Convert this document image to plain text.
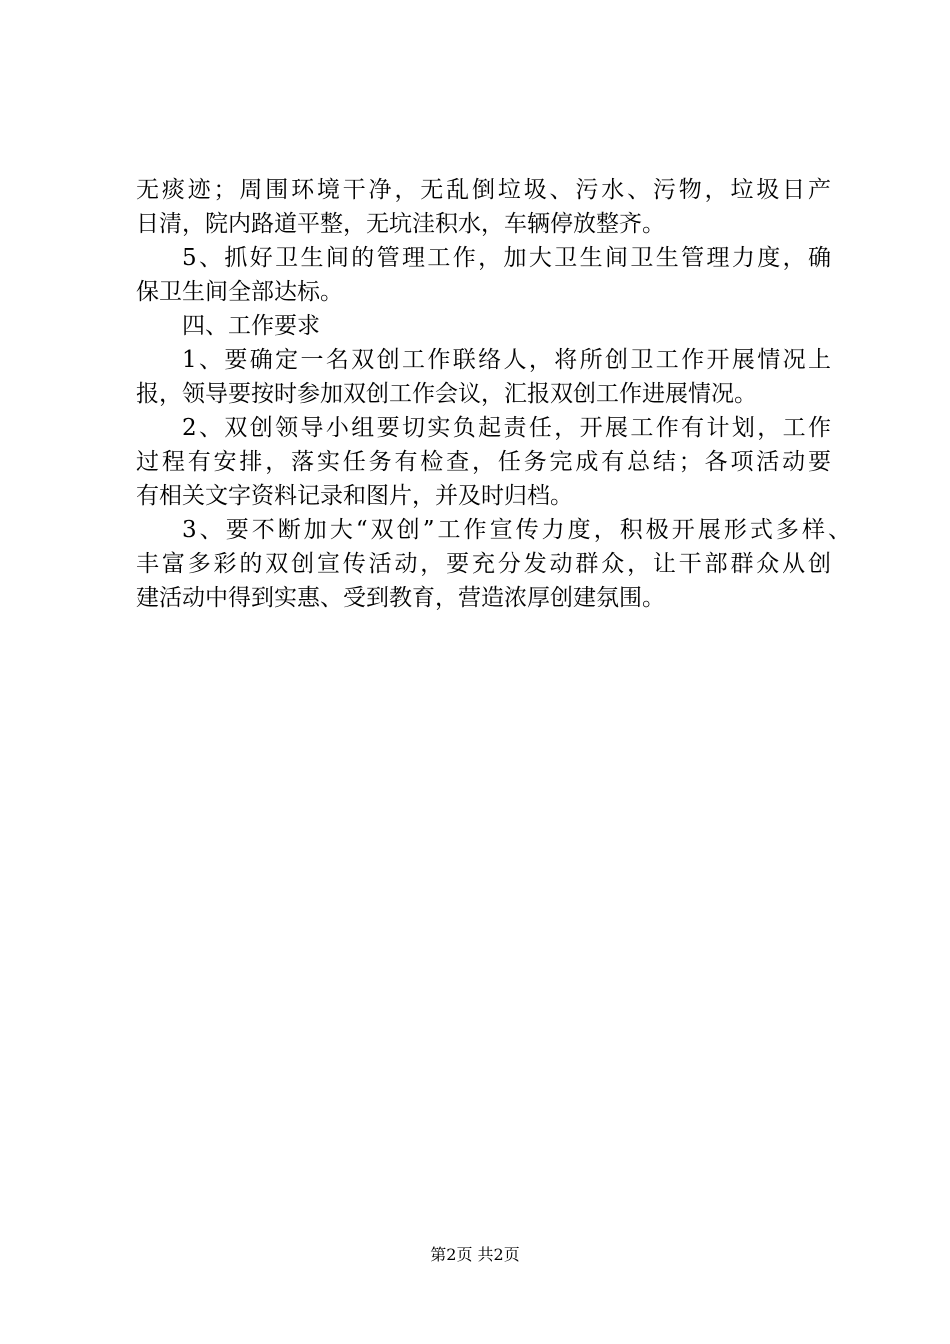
无痰迹；周围环境干净，无乱倒垃圾、污水、污物，垃圾日产
日清，院内路道平整，无坑洼积水，车辆停放整齐。
5、抓好卫生间的管理工作，加大卫生间卫生管理力度，确
保卫生间全部达标。
四、工作要求
1、要确定一名双创工作联络人，将所创卫工作开展情况上
报，领导要按时参加双创工作会议，汇报双创工作进展情况。
2、双创领导小组要切实负起责任，开展工作有计划，工作
过程有安排，落实任务有检查，任务完成有总结；各项活动要
有相关文字资料记录和图片，并及时归档。
3、要不断加大“双创”工作宣传力度，积极开展形式多样、
丰富多彩的双创宣传活动，要充分发动群众，让干部群众从创
建活动中得到实惠、受到教育，营造浓厚创建氛围。
第2页 共2页
